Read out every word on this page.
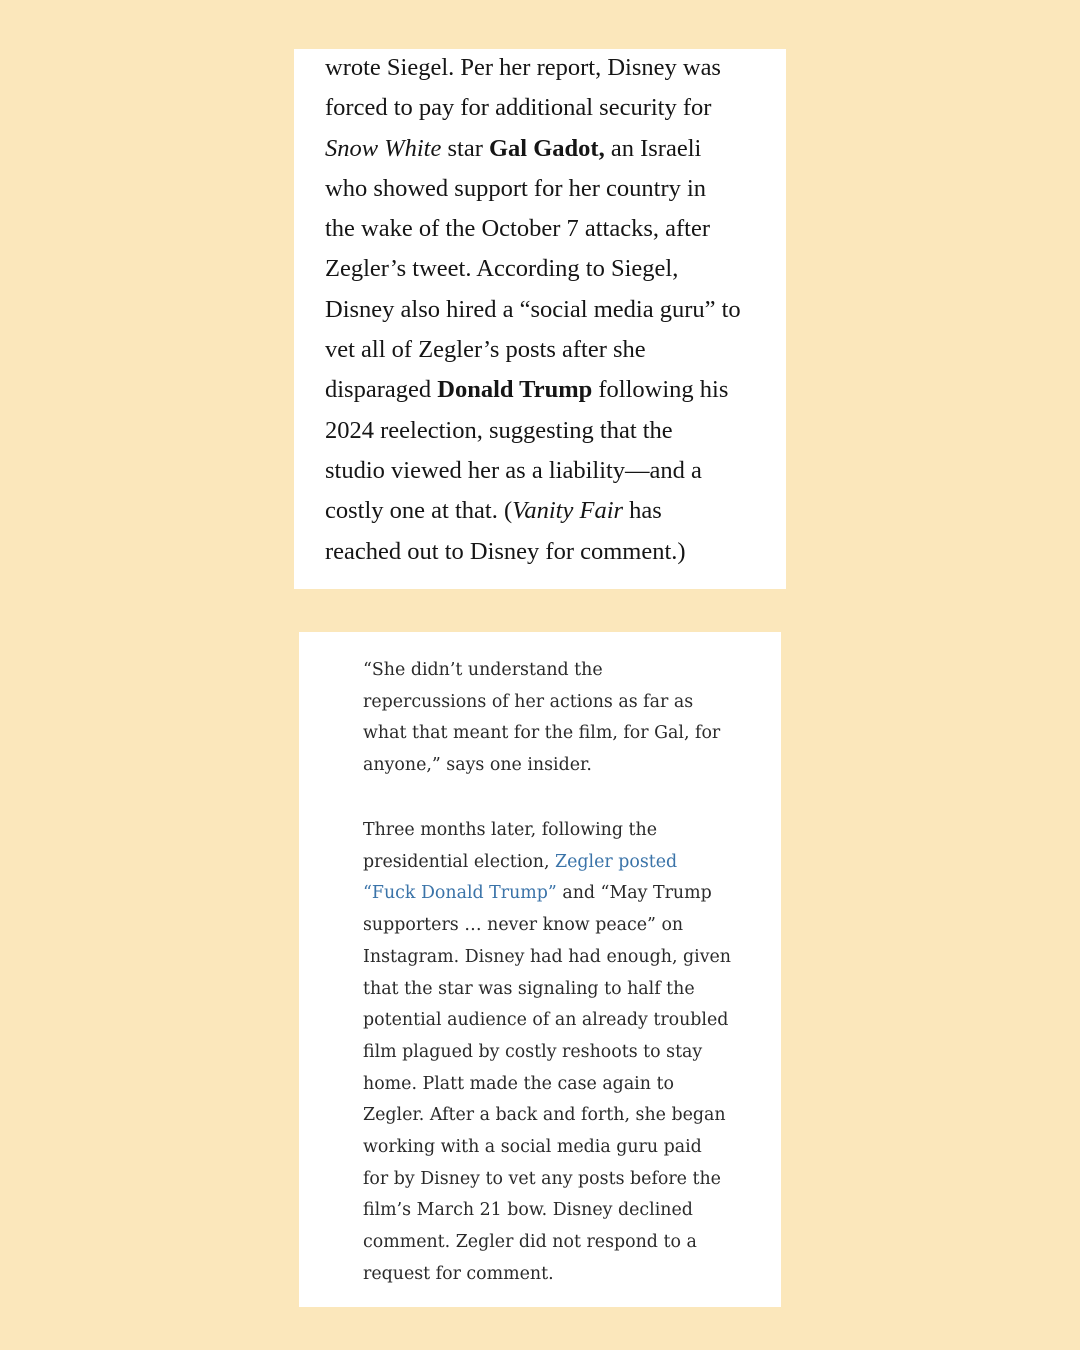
wrote Siegel. Per her report, Disney was
forced to pay for additional security for
Snow White star Gal Gadot, an Israeli
who showed support for her country in
the wake of the October 7 attacks, after
Zegler’s tweet. According to Siegel,
Disney also hired a “social media guru” to
vet all of Zegler’s posts after she
disparaged Donald Trump following his
2024 reelection, suggesting that the
studio viewed her as a liability—and a
costly one at that. (Vanity Fair has
reached out to Disney for comment.)

“She didn’t understand the
repercussions of her actions as far as
what that meant for the film, for Gal, for
anyone,” says one insider.

Three months later, following the
presidential election, Zegler posted
“Fuck Donald Trump” and “May Trump
supporters … never know peace” on
Instagram. Disney had had enough, given
that the star was signaling to half the
potential audience of an already troubled
film plagued by costly reshoots to stay
home. Platt made the case again to
Zegler. After a back and forth, she began
working with a social media guru paid
for by Disney to vet any posts before the
film’s March 21 bow. Disney declined
comment. Zegler did not respond to a
request for comment.
